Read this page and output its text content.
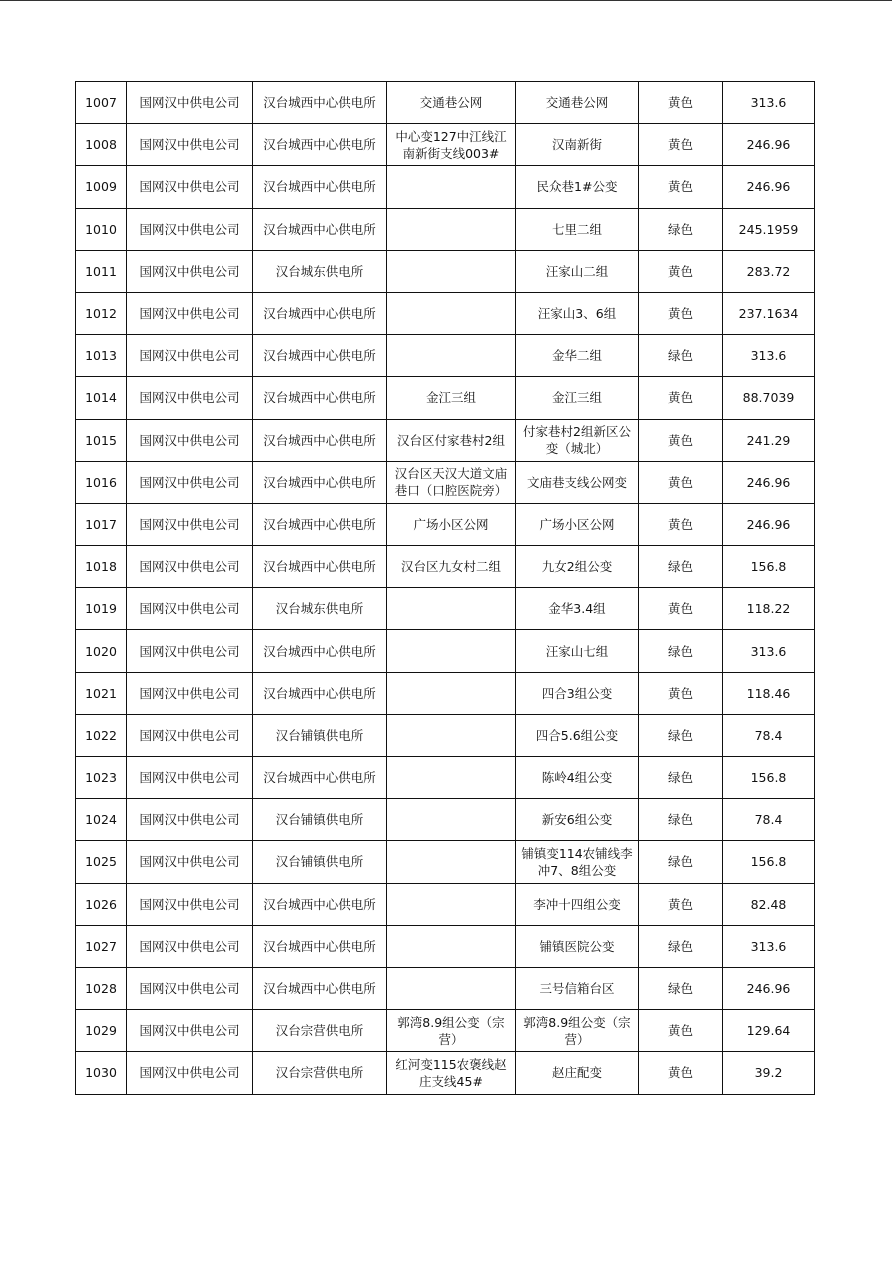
1007	国网汉中供电公司	汉台城西中心供电所	交通巷公网	交通巷公网	黄色	313.6
1008	国网汉中供电公司	汉台城西中心供电所	中心变127中江线江南新街支线003#	汉南新街	黄色	246.96
1009	国网汉中供电公司	汉台城西中心供电所		民众巷1#公变	黄色	246.96
1010	国网汉中供电公司	汉台城西中心供电所		七里二组	绿色	245.1959
1011	国网汉中供电公司	汉台城东供电所		汪家山二组	黄色	283.72
1012	国网汉中供电公司	汉台城西中心供电所		汪家山3、6组	黄色	237.1634
1013	国网汉中供电公司	汉台城西中心供电所		金华二组	绿色	313.6
1014	国网汉中供电公司	汉台城西中心供电所	金江三组	金江三组	黄色	88.7039
1015	国网汉中供电公司	汉台城西中心供电所	汉台区付家巷村2组	付家巷村2组新区公变（城北）	黄色	241.29
1016	国网汉中供电公司	汉台城西中心供电所	汉台区天汉大道文庙巷口（口腔医院旁）	文庙巷支线公网变	黄色	246.96
1017	国网汉中供电公司	汉台城西中心供电所	广场小区公网	广场小区公网	黄色	246.96
1018	国网汉中供电公司	汉台城西中心供电所	汉台区九女村二组	九女2组公变	绿色	156.8
1019	国网汉中供电公司	汉台城东供电所		金华3.4组	黄色	118.22
1020	国网汉中供电公司	汉台城西中心供电所		汪家山七组	绿色	313.6
1021	国网汉中供电公司	汉台城西中心供电所		四合3组公变	黄色	118.46
1022	国网汉中供电公司	汉台铺镇供电所		四合5.6组公变	绿色	78.4
1023	国网汉中供电公司	汉台城西中心供电所		陈岭4组公变	绿色	156.8
1024	国网汉中供电公司	汉台铺镇供电所		新安6组公变	绿色	78.4
1025	国网汉中供电公司	汉台铺镇供电所		铺镇变114农铺线李冲7、8组公变	绿色	156.8
1026	国网汉中供电公司	汉台城西中心供电所		李冲十四组公变	黄色	82.48
1027	国网汉中供电公司	汉台城西中心供电所		铺镇医院公变	绿色	313.6
1028	国网汉中供电公司	汉台城西中心供电所		三号信箱台区	绿色	246.96
1029	国网汉中供电公司	汉台宗营供电所	郭湾8.9组公变（宗营）	郭湾8.9组公变（宗营）	黄色	129.64
1030	国网汉中供电公司	汉台宗营供电所	红河变115农褒线赵庄支线45#	赵庄配变	黄色	39.2
